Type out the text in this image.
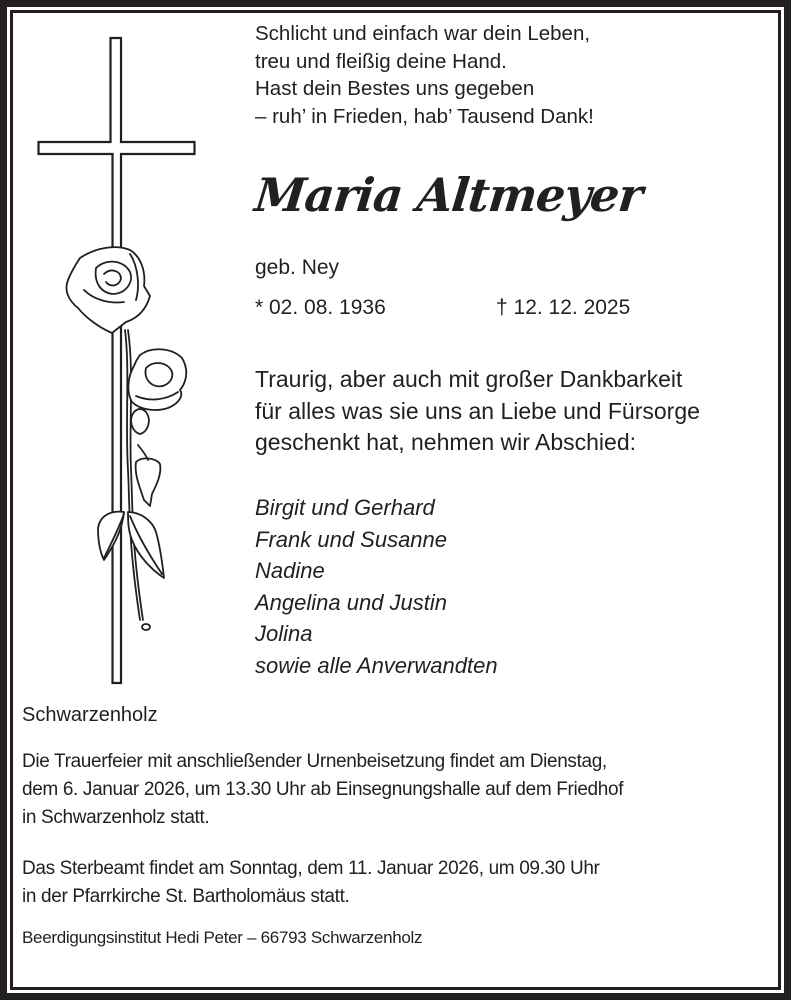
Schlicht und einfach war dein Leben,
treu und fleißig deine Hand.
Hast dein Bestes uns gegeben
– ruh’ in Frieden, hab’ Tausend Dank!
Maria Altmeyer
geb. Ney
* 02. 08. 1936	† 12. 12. 2025
Traurig, aber auch mit großer Dankbarkeit
für alles was sie uns an Liebe und Fürsorge
geschenkt hat, nehmen wir Abschied:
Birgit und Gerhard
Frank und Susanne
Nadine
Angelina und Justin
Jolina
sowie alle Anverwandten
Schwarzenholz
Die Trauerfeier mit anschließender Urnenbeisetzung findet am Dienstag,
dem 6. Januar 2026, um 13.30 Uhr ab Einsegnungshalle auf dem Friedhof
in Schwarzenholz statt.
Das Sterbeamt findet am Sonntag, dem 11. Januar 2026, um 09.30 Uhr
in der Pfarrkirche St. Bartholomäus statt.
Beerdigungsinstitut Hedi Peter – 66793 Schwarzenholz
